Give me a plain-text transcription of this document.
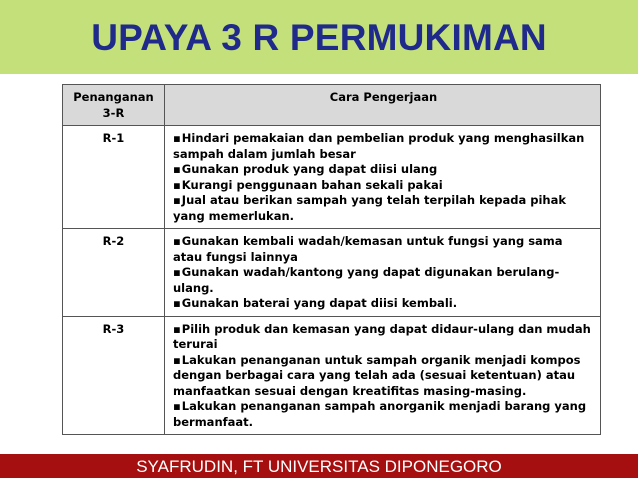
UPAYA 3 R PERMUKIMAN
Penanganan 3-R	Cara Pengerjaan
R-1	▪ Hindari pemakaian dan pembelian produk yang menghasilkan sampah dalam jumlah besar
▪ Gunakan produk yang dapat diisi ulang
▪ Kurangi penggunaan bahan sekali pakai
▪ Jual atau berikan sampah yang telah terpilah kepada pihak yang memerlukan.

R-2	▪ Gunakan kembali wadah/kemasan untuk fungsi yang sama atau fungsi lainnya
▪ Gunakan wadah/kantong yang dapat digunakan berulang-ulang.
▪ Gunakan baterai yang dapat diisi kembali.

R-3	▪ Pilih produk dan kemasan yang dapat didaur-ulang dan mudah terurai
▪ Lakukan penanganan untuk sampah organik menjadi kompos dengan berbagai cara yang telah ada (sesuai ketentuan) atau manfaatkan sesuai dengan kreatifitas masing-masing.
▪ Lakukan penanganan sampah anorganik menjadi barang yang bermanfaat.
SYAFRUDIN, FT UNIVERSITAS DIPONEGORO
